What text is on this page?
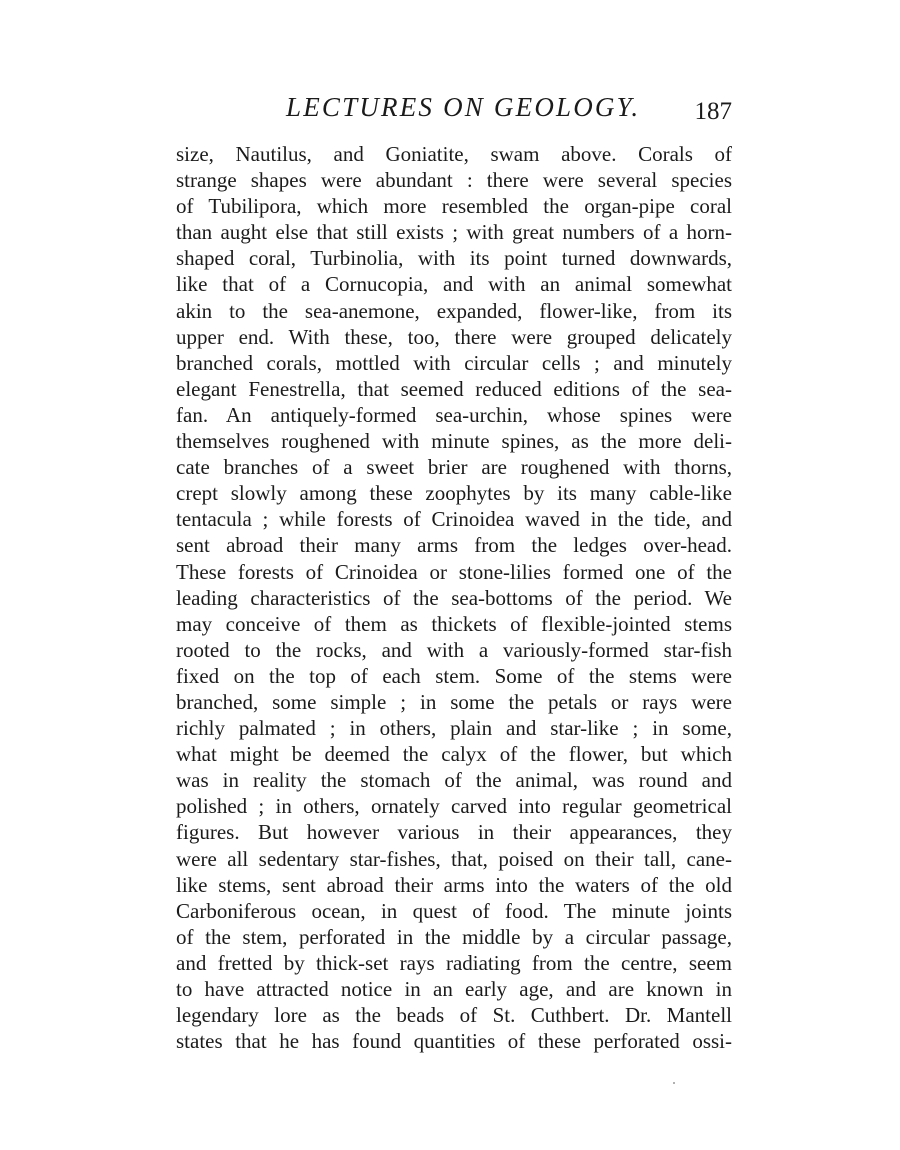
LECTURES ON GEOLOGY. 187
size, Nautilus, and Goniatite, swam above. Corals of
strange shapes were abundant : there were several species
of Tubilipora, which more resembled the organ-pipe coral
than aught else that still exists ; with great numbers of a horn-
shaped coral, Turbinolia, with its point turned downwards,
like that of a Cornucopia, and with an animal somewhat
akin to the sea-anemone, expanded, flower-like, from its
upper end. With these, too, there were grouped delicately
branched corals, mottled with circular cells ; and minutely
elegant Fenestrella, that seemed reduced editions of the sea-
fan. An antiquely-formed sea-urchin, whose spines were
themselves roughened with minute spines, as the more deli-
cate branches of a sweet brier are roughened with thorns,
crept slowly among these zoophytes by its many cable-like
tentacula ; while forests of Crinoidea waved in the tide, and
sent abroad their many arms from the ledges over-head.
These forests of Crinoidea or stone-lilies formed one of the
leading characteristics of the sea-bottoms of the period. We
may conceive of them as thickets of flexible-jointed stems
rooted to the rocks, and with a variously-formed star-fish
fixed on the top of each stem. Some of the stems were
branched, some simple ; in some the petals or rays were
richly palmated ; in others, plain and star-like ; in some,
what might be deemed the calyx of the flower, but which
was in reality the stomach of the animal, was round and
polished ; in others, ornately carved into regular geometrical
figures. But however various in their appearances, they
were all sedentary star-fishes, that, poised on their tall, cane-
like stems, sent abroad their arms into the waters of the old
Carboniferous ocean, in quest of food. The minute joints
of the stem, perforated in the middle by a circular passage,
and fretted by thick-set rays radiating from the centre, seem
to have attracted notice in an early age, and are known in
legendary lore as the beads of St. Cuthbert. Dr. Mantell
states that he has found quantities of these perforated ossi-
